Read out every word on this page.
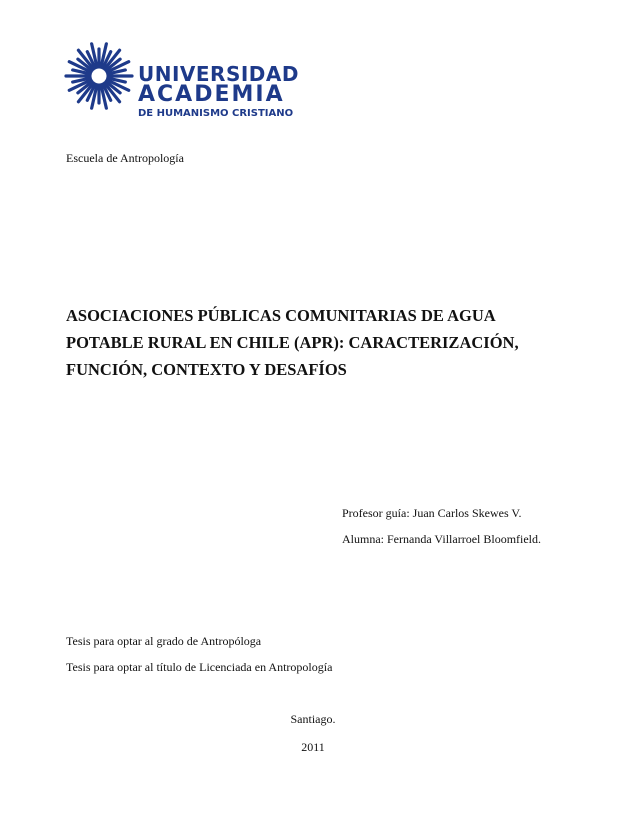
UNIVERSIDAD
ACADEMIA
DE HUMANISMO CRISTIANO
Escuela de Antropología
ASOCIACIONES PÚBLICAS COMUNITARIAS DE AGUA
POTABLE RURAL EN CHILE (APR): CARACTERIZACIÓN,
FUNCIÓN, CONTEXTO Y DESAFÍOS
Profesor guía: Juan Carlos Skewes V.
Alumna: Fernanda Villarroel Bloomfield.
Tesis para optar al grado de Antropóloga
Tesis para optar al título de Licenciada en Antropología
Santiago.
2011
